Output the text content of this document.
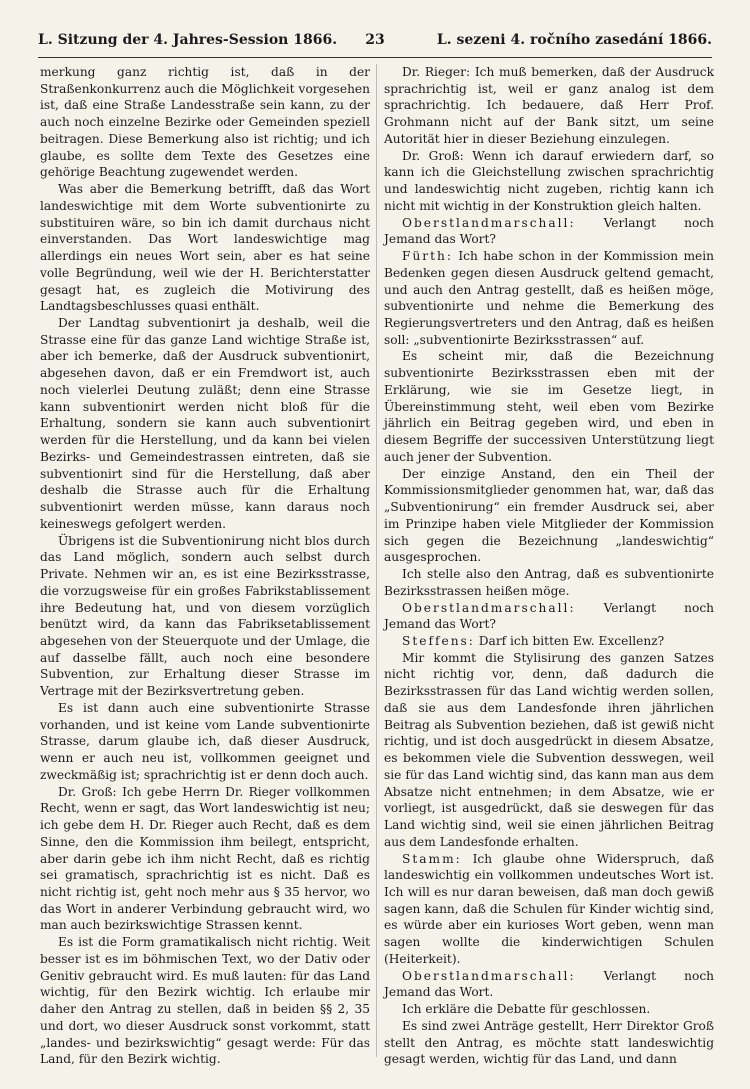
L. Sitzung der 4. Jahres-Session 1866. 23	L. sezeni 4. ročního zasedání 1866.

merkung ganz richtig ist, daß in der Straßenkonkurrenz auch die Möglichkeit vorgesehen ist, daß eine Straße Landesstraße sein kann, zu der auch noch einzelne Bezirke oder Gemeinden speziell beitragen. Diese Bemerkung also ist richtig; und ich glaube, es sollte dem Texte des Gesetzes eine gehörige Beachtung zugewendet werden.

Was aber die Bemerkung betrifft, daß das Wort landeswichtige mit dem Worte subventionirte zu substituiren wäre, so bin ich damit durchaus nicht einverstanden. Das Wort landeswichtige mag allerdings ein neues Wort sein, aber es hat seine volle Begründung, weil wie der H. Berichterstatter gesagt hat, es zugleich die Motivirung des Landtagsbeschlusses quasi enthält.

Der Landtag subventionirt ja deshalb, weil die Strasse eine für das ganze Land wichtige Straße ist, aber ich bemerke, daß der Ausdruck subventionirt, abgesehen davon, daß er ein Fremdwort ist, auch noch vielerlei Deutung zuläßt; denn eine Strasse kann subventionirt werden nicht bloß für die Erhaltung, sondern sie kann auch subventionirt werden für die Herstellung, und da kann bei vielen Bezirks- und Gemeindestrassen eintreten, daß sie subventionirt sind für die Herstellung, daß aber deshalb die Strasse auch für die Erhaltung subventionirt werden müsse, kann daraus noch keineswegs gefolgert werden.

Übrigens ist die Subventionirung nicht blos durch das Land möglich, sondern auch selbst durch Private. Nehmen wir an, es ist eine Bezirksstrasse, die vorzugsweise für ein großes Fabrikstablissement ihre Bedeutung hat, und von diesem vorzüglich benützt wird, da kann das Fabriksetablissement abgesehen von der Steuerquote und der Umlage, die auf dasselbe fällt, auch noch eine besondere Subvention, zur Erhaltung dieser Strasse im Vertrage mit der Bezirksvertretung geben.

Es ist dann auch eine subventionirte Strasse vorhanden, und ist keine vom Lande subventionirte Strasse, darum glaube ich, daß dieser Ausdruck, wenn er auch neu ist, vollkommen geeignet und zweckmäßig ist; sprachrichtig ist er denn doch auch.

Dr. Groß: Ich gebe Herrn Dr. Rieger vollkommen Recht, wenn er sagt, das Wort landeswichtig ist neu; ich gebe dem H. Dr. Rieger auch Recht, daß es dem Sinne, den die Kommission ihm beilegt, entspricht, aber darin gebe ich ihm nicht Recht, daß es richtig sei gramatisch, sprachrichtig ist es nicht. Daß es nicht richtig ist, geht noch mehr aus § 35 hervor, wo das Wort in anderer Verbindung gebraucht wird, wo man auch bezirkswichtige Strassen kennt.

Es ist die Form gramatikalisch nicht richtig. Weit besser ist es im böhmischen Text, wo der Dativ oder Genitiv gebraucht wird. Es muß lauten: für das Land wichtig, für den Bezirk wichtig. Ich erlaube mir daher den Antrag zu stellen, daß in beiden §§ 2, 35 und dort, wo dieser Ausdruck sonst vorkommt, statt „landes- und bezirkswichtig“ gesagt werde: Für das Land, für den Bezirk wichtig.

Dr. Rieger: Ich muß bemerken, daß der Ausdruck sprachrichtig ist, weil er ganz analog ist dem sprachrichtig. Ich bedauere, daß Herr Prof. Grohmann nicht auf der Bank sitzt, um seine Autorität hier in dieser Beziehung einzulegen.

Dr. Groß: Wenn ich darauf erwiedern darf, so kann ich die Gleichstellung zwischen sprachrichtig und landeswichtig nicht zugeben, richtig kann ich nicht mit wichtig in der Konstruktion gleich halten.

Oberstlandmarschall: Verlangt noch Jemand das Wort?

Fürth: Ich habe schon in der Kommission mein Bedenken gegen diesen Ausdruck geltend gemacht, und auch den Antrag gestellt, daß es heißen möge, subventionirte und nehme die Bemerkung des Regierungsvertreters und den Antrag, daß es heißen soll: „subventionirte Bezirksstrassen“ auf.

Es scheint mir, daß die Bezeichnung subventionirte Bezirksstrassen eben mit der Erklärung, wie sie im Gesetze liegt, in Übereinstimmung steht, weil eben vom Bezirke jährlich ein Beitrag gegeben wird, und eben in diesem Begriffe der successiven Unterstützung liegt auch jener der Subvention.

Der einzige Anstand, den ein Theil der Kommissionsmitglieder genommen hat, war, daß das „Subventionirung“ ein fremder Ausdruck sei, aber im Prinzipe haben viele Mitglieder der Kommission sich gegen die Bezeichnung „landeswichtig“ ausgesprochen.

Ich stelle also den Antrag, daß es subventionirte Bezirksstrassen heißen möge.

Oberstlandmarschall: Verlangt noch Jemand das Wort?

Steffens: Darf ich bitten Ew. Excellenz?

Mir kommt die Stylisirung des ganzen Satzes nicht richtig vor, denn, daß dadurch die Bezirksstrassen für das Land wichtig werden sollen, daß sie aus dem Landesfonde ihren jährlichen Beitrag als Subvention beziehen, daß ist gewiß nicht richtig, und ist doch ausgedrückt in diesem Absatze, es bekommen viele die Subvention desswegen, weil sie für das Land wichtig sind, das kann man aus dem Absatze nicht entnehmen; in dem Absatze, wie er vorliegt, ist ausgedrückt, daß sie deswegen für das Land wichtig sind, weil sie einen jährlichen Beitrag aus dem Landesfonde erhalten.

Stamm: Ich glaube ohne Widerspruch, daß landeswichtig ein vollkommen undeutsches Wort ist. Ich will es nur daran beweisen, daß man doch gewiß sagen kann, daß die Schulen für Kinder wichtig sind, es würde aber ein kurioses Wort geben, wenn man sagen wollte die kinderwichtigen Schulen (Heiterkeit).

Oberstlandmarschall: Verlangt noch Jemand das Wort.

Ich erkläre die Debatte für geschlossen.

Es sind zwei Anträge gestellt, Herr Direktor Groß stellt den Antrag, es möchte statt landeswichtig gesagt werden, wichtig für das Land, und dann
